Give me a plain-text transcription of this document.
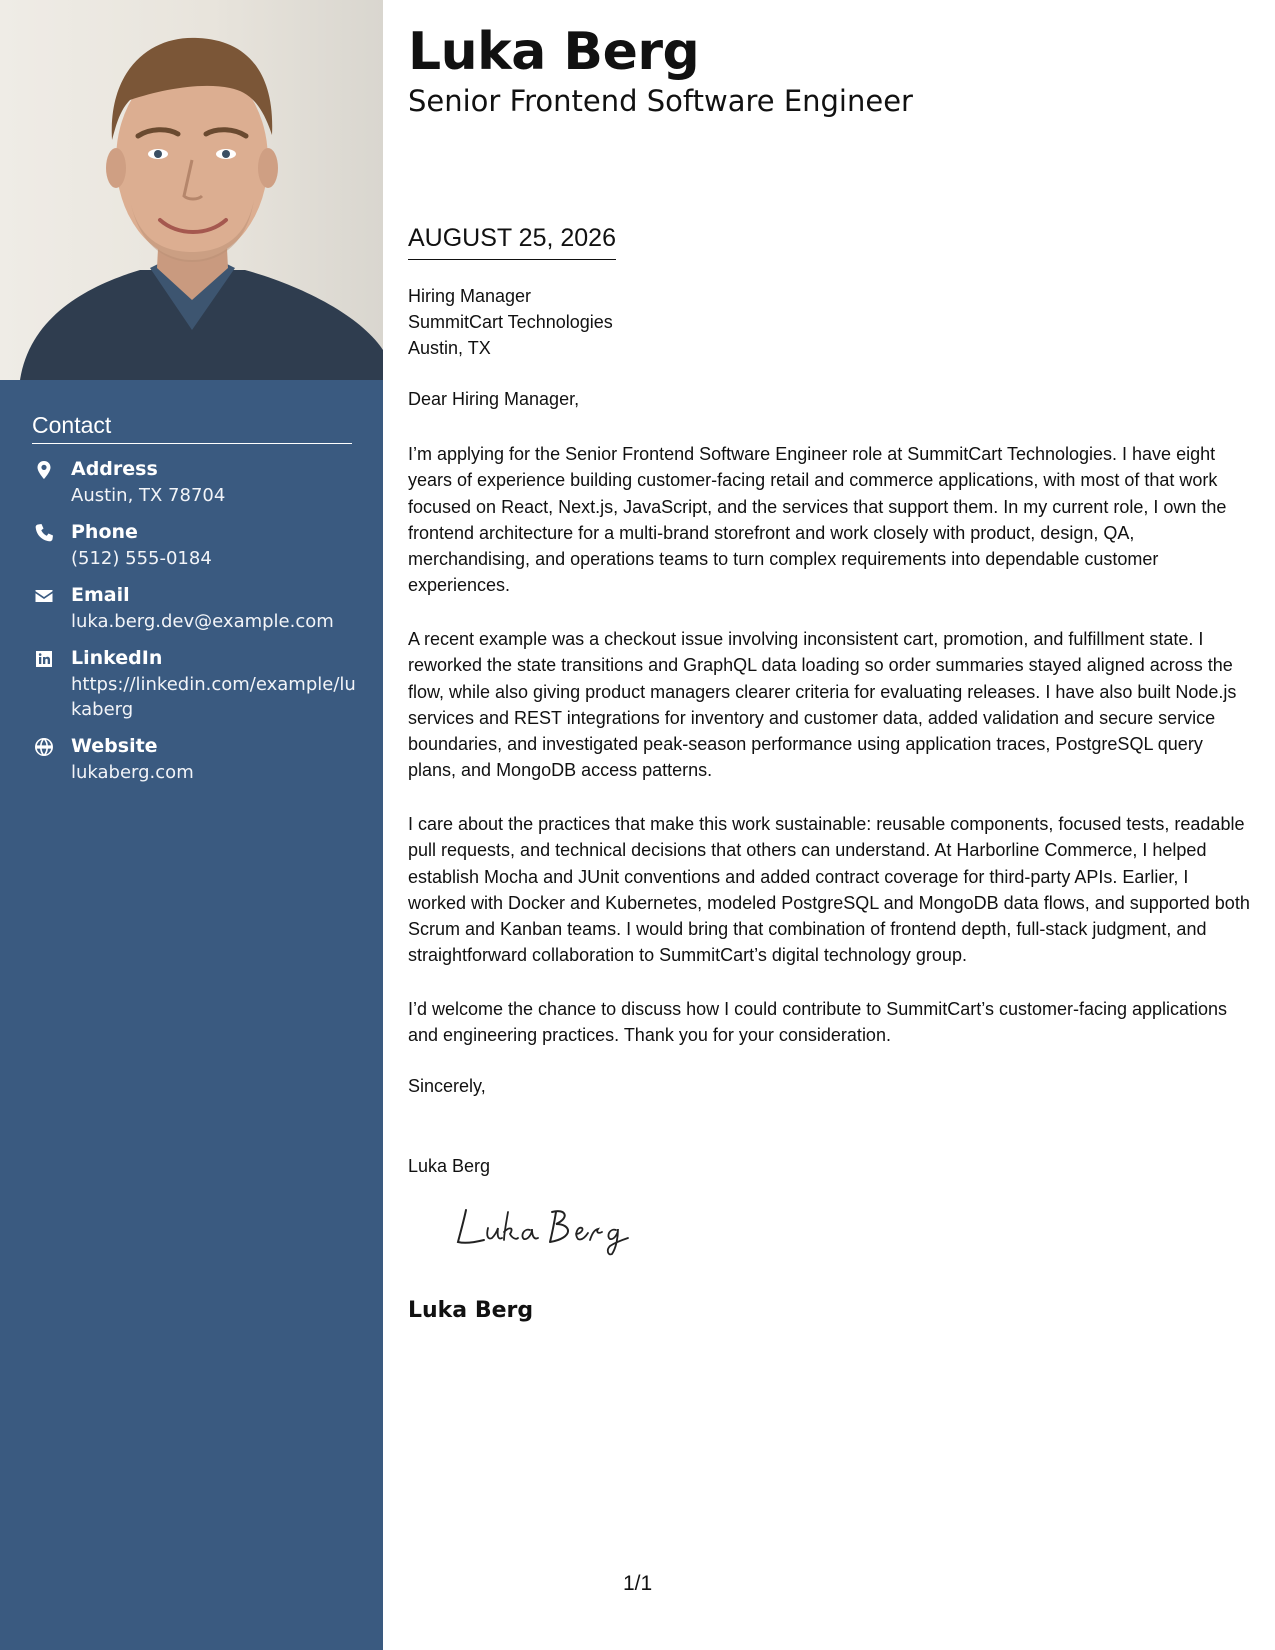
Contact
Address
Austin, TX 78704
Phone
(512) 555-0184
Email
luka.berg.dev@example.com
LinkedIn
https://linkedin.com/example/lukaberg
Website
lukaberg.com
Luka Berg
Senior Frontend Software Engineer
AUGUST 25, 2026
Hiring Manager
SummitCart Technologies
Austin, TX
Dear Hiring Manager,

I’m applying for the Senior Frontend Software Engineer role at SummitCart Technologies. I have eight years of experience building customer-facing retail and commerce applications, with most of that work focused on React, Next.js, JavaScript, and the services that support them. In my current role, I own the frontend architecture for a multi-brand storefront and work closely with product, design, QA, merchandising, and operations teams to turn complex requirements into dependable customer experiences.

A recent example was a checkout issue involving inconsistent cart, promotion, and fulfillment state. I reworked the state transitions and GraphQL data loading so order summaries stayed aligned across the flow, while also giving product managers clearer criteria for evaluating releases. I have also built Node.js services and REST integrations for inventory and customer data, added validation and secure service boundaries, and investigated peak-season performance using application traces, PostgreSQL query plans, and MongoDB access patterns.

I care about the practices that make this work sustainable: reusable components, focused tests, readable pull requests, and technical decisions that others can understand. At Harborline Commerce, I helped establish Mocha and JUnit conventions and added contract coverage for third-party APIs. Earlier, I worked with Docker and Kubernetes, modeled PostgreSQL and MongoDB data flows, and supported both Scrum and Kanban teams. I would bring that combination of frontend depth, full-stack judgment, and straightforward collaboration to SummitCart’s digital technology group.

I’d welcome the chance to discuss how I could contribute to SummitCart’s customer-facing applications and engineering practices. Thank you for your consideration.

Sincerely,
Luka Berg
Luka Berg
1/1
